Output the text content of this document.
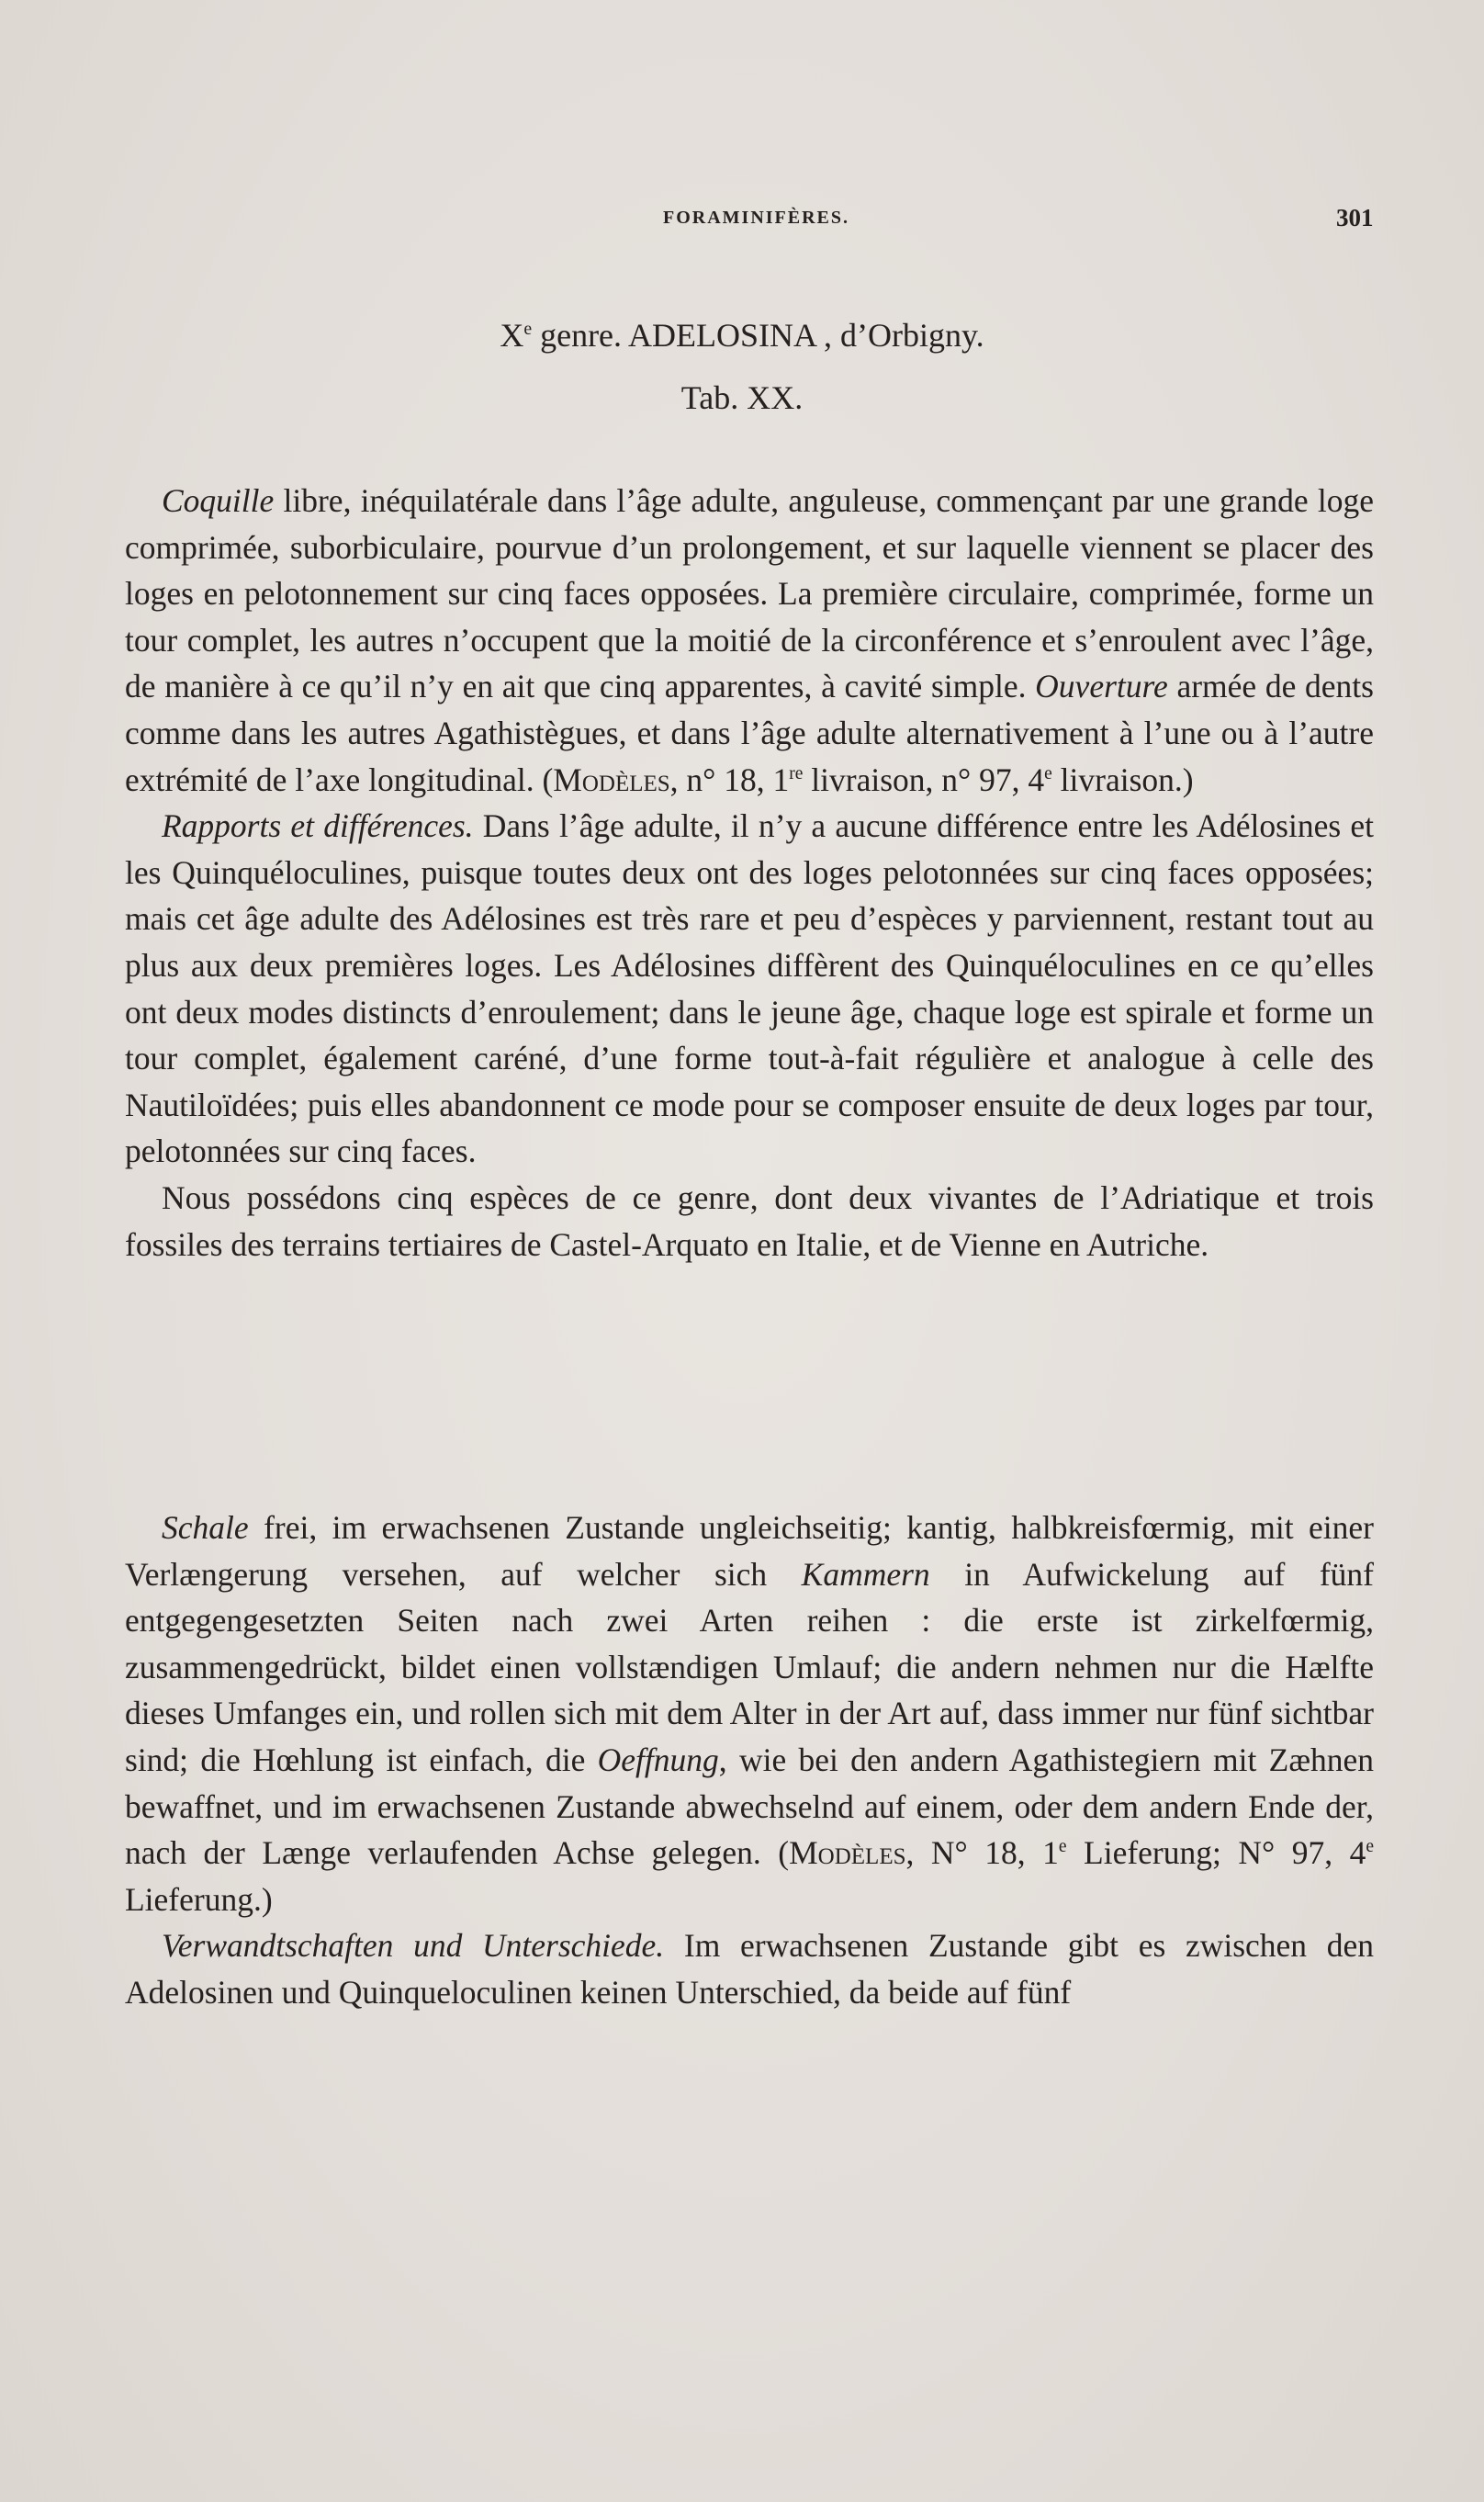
FORAMINIFÈRES.	301
Xe genre. ADELOSINA , d’Orbigny.
Tab. XX.

Coquille libre, inéquilatérale dans l’âge adulte, anguleuse, commençant par une grande loge comprimée, suborbiculaire, pourvue d’un prolongement, et sur laquelle viennent se placer des loges en pelotonnement sur cinq faces opposées. La première circulaire, comprimée, forme un tour complet, les autres n’occupent que la moitié de la circonférence et s’enroulent avec l’âge, de manière à ce qu’il n’y en ait que cinq apparentes, à cavité simple. Ouverture armée de dents comme dans les autres Agathistègues, et dans l’âge adulte alternativement à l’une ou à l’autre extrémité de l’axe longitudinal. (Modèles, n° 18, 1re livraison, n° 97, 4e livraison.)

Rapports et différences. Dans l’âge adulte, il n’y a aucune différence entre les Adélosines et les Quinquéloculines, puisque toutes deux ont des loges pelotonnées sur cinq faces opposées; mais cet âge adulte des Adélosines est très rare et peu d’espèces y parviennent, restant tout au plus aux deux premières loges. Les Adélosines diffèrent des Quinquéloculines en ce qu’elles ont deux modes distincts d’enroulement; dans le jeune âge, chaque loge est spirale et forme un tour complet, également caréné, d’une forme tout-à-fait régulière et analogue à celle des Nautiloïdées; puis elles abandonnent ce mode pour se composer ensuite de deux loges par tour, pelotonnées sur cinq faces.

Nous possédons cinq espèces de ce genre, dont deux vivantes de l’Adriatique et trois fossiles des terrains tertiaires de Castel-Arquato en Italie, et de Vienne en Autriche.

Schale frei, im erwachsenen Zustande ungleichseitig; kantig, halbkreisfœrmig, mit einer Verlængerung versehen, auf welcher sich Kammern in Aufwickelung auf fünf entgegengesetzten Seiten nach zwei Arten reihen : die erste ist zirkelfœrmig, zusammengedrückt, bildet einen vollstændigen Umlauf; die andern nehmen nur die Hælfte dieses Umfanges ein, und rollen sich mit dem Alter in der Art auf, dass immer nur fünf sichtbar sind; die Hœhlung ist einfach, die Oeffnung, wie bei den andern Agathistegiern mit Zæhnen bewaffnet, und im erwachsenen Zustande abwechselnd auf einem, oder dem andern Ende der, nach der Længe verlaufenden Achse gelegen. (Modèles, N° 18, 1e Lieferung; N° 97, 4e Lieferung.)

Verwandtschaften und Unterschiede. Im erwachsenen Zustande gibt es zwischen den Adelosinen und Quinqueloculinen keinen Unterschied, da beide auf fünf
